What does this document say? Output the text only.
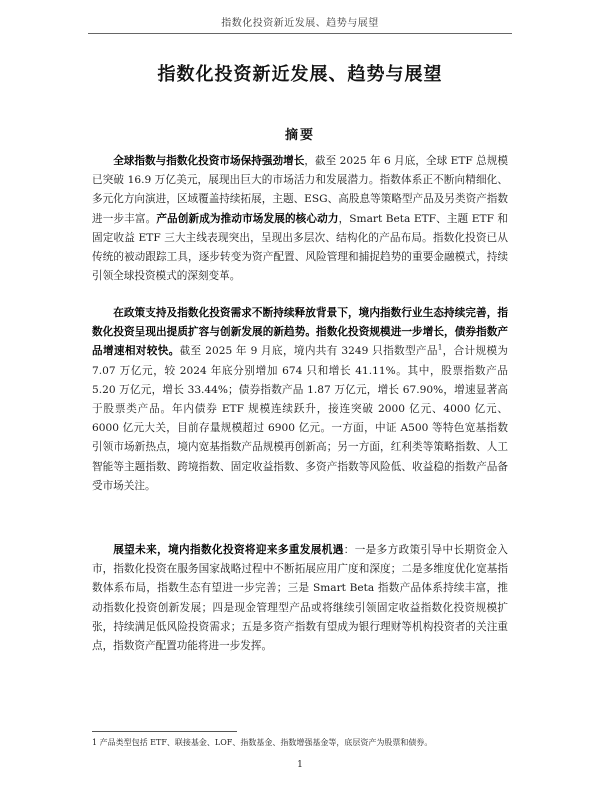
指数化投资新近发展、趋势与展望
指数化投资新近发展、趋势与展望
摘要

全球指数与指数化投资市场保持强劲增长，截至 2025 年 6 月底，全球 ETF 总规模已突破 16.9 万亿美元，展现出巨大的市场活力和发展潜力。指数体系正不断向精细化、多元化方向演进，区域覆盖持续拓展，主题、ESG、高股息等策略型产品及另类资产指数进一步丰富。产品创新成为推动市场发展的核心动力，Smart Beta ETF、主题 ETF 和固定收益 ETF 三大主线表现突出，呈现出多层次、结构化的产品布局。指数化投资已从传统的被动跟踪工具，逐步转变为资产配置、风险管理和捕捉趋势的重要金融模式，持续引领全球投资模式的深刻变革。

在政策支持及指数化投资需求不断持续释放背景下，境内指数行业生态持续完善，指数化投资呈现出提质扩容与创新发展的新趋势。指数化投资规模进一步增长，债券指数产品增速相对较快。截至 2025 年 9 月底，境内共有 3249 只指数型产品$^1$，合计规模为 7.07 万亿元，较 2024 年底分别增加 674 只和增长 41.11%。其中，股票指数产品 5.20 万亿元，增长 33.44%；债券指数产品 1.87 万亿元，增长 67.90%，增速显著高于股票类产品。年内债券 ETF 规模连续跃升，接连突破 2000 亿元、4000 亿元、6000 亿元大关，目前存量规模超过 6900 亿元。一方面，中证 A500 等特色宽基指数引领市场新热点，境内宽基指数产品规模再创新高；另一方面，红利类等策略指数、人工智能等主题指数、跨境指数、固定收益指数、多资产指数等风险低、收益稳的指数产品备受市场关注。

展望未来，境内指数化投资将迎来多重发展机遇：一是多方政策引导中长期资金入市，指数化投资在服务国家战略过程中不断拓展应用广度和深度；二是多维度优化宽基指数体系布局，指数生态有望进一步完善；三是 Smart Beta 指数产品体系持续丰富，推动指数化投资创新发展；四是现金管理型产品或将继续引领固定收益指数化投资规模扩张，持续满足低风险投资需求；五是多资产指数有望成为银行理财等机构投资者的关注重点，指数资产配置功能将进一步发挥。

1 产品类型包括 ETF、联接基金、LOF、指数基金、指数增强基金等，底层资产为股票和债券。
1
